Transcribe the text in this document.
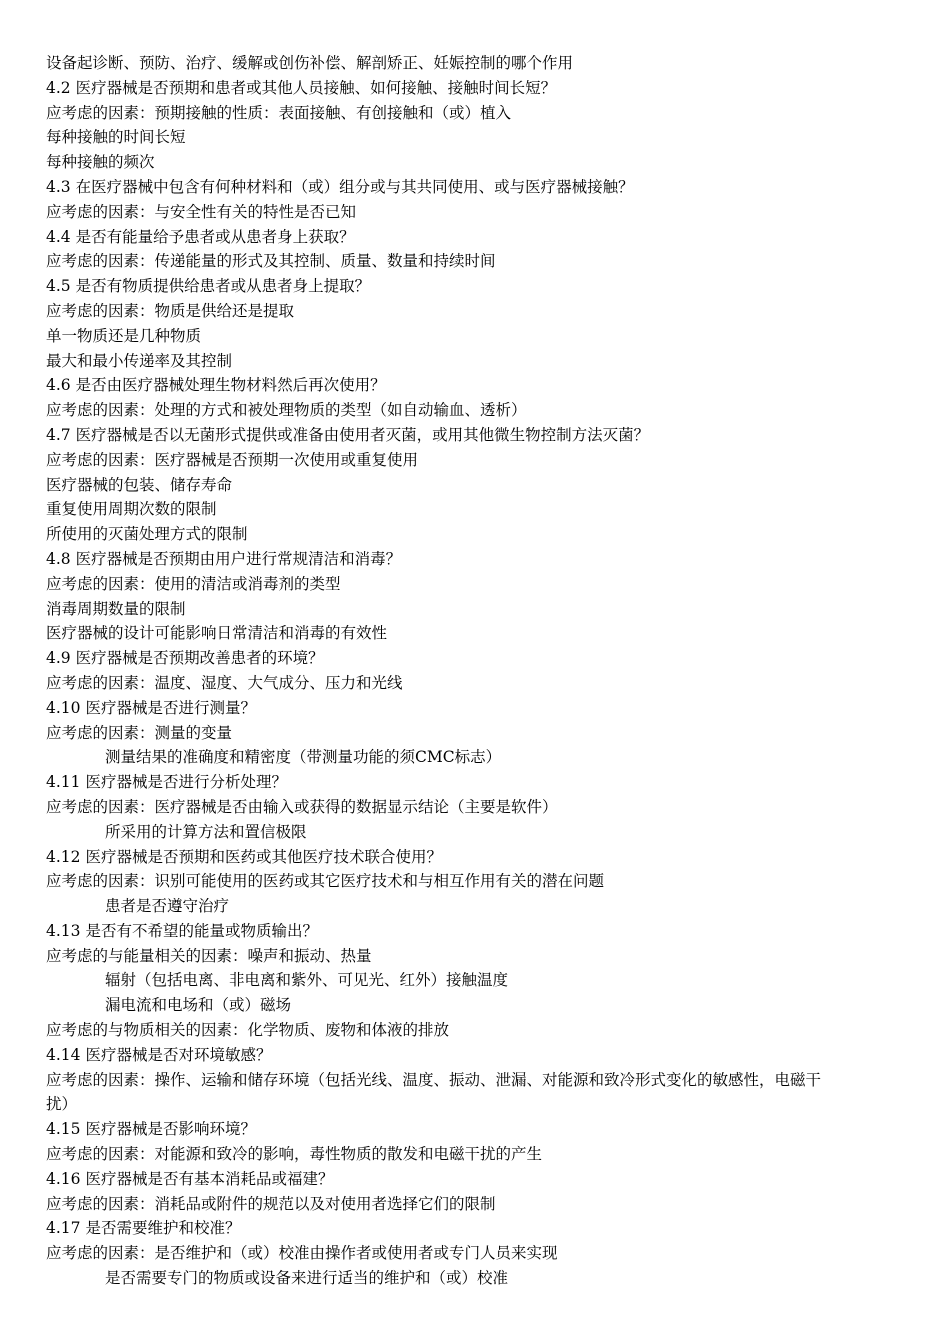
设备起诊断、预防、治疗、缓解或创伤补偿、解剖矫正、妊娠控制的哪个作用
4.2 医疗器械是否预期和患者或其他人员接触、如何接触、接触时间长短？
应考虑的因素：预期接触的性质：表面接触、有创接触和（或）植入
每种接触的时间长短
每种接触的频次
4.3 在医疗器械中包含有何种材料和（或）组分或与其共同使用、或与医疗器械接触？
应考虑的因素：与安全性有关的特性是否已知
4.4 是否有能量给予患者或从患者身上获取？
应考虑的因素：传递能量的形式及其控制、质量、数量和持续时间
4.5 是否有物质提供给患者或从患者身上提取？
应考虑的因素：物质是供给还是提取
单一物质还是几种物质
最大和最小传递率及其控制
4.6 是否由医疗器械处理生物材料然后再次使用？
应考虑的因素：处理的方式和被处理物质的类型（如自动输血、透析）
4.7 医疗器械是否以无菌形式提供或准备由使用者灭菌，或用其他微生物控制方法灭菌？
应考虑的因素：医疗器械是否预期一次使用或重复使用
医疗器械的包装、储存寿命
重复使用周期次数的限制
所使用的灭菌处理方式的限制
4.8 医疗器械是否预期由用户进行常规清洁和消毒？
应考虑的因素：使用的清洁或消毒剂的类型
消毒周期数量的限制
医疗器械的设计可能影响日常清洁和消毒的有效性
4.9 医疗器械是否预期改善患者的环境？
应考虑的因素：温度、湿度、大气成分、压力和光线
4.10 医疗器械是否进行测量？
应考虑的因素：测量的变量
测量结果的准确度和精密度（带测量功能的须CMC标志）
4.11 医疗器械是否进行分析处理？
应考虑的因素：医疗器械是否由输入或获得的数据显示结论（主要是软件）
所采用的计算方法和置信极限
4.12 医疗器械是否预期和医药或其他医疗技术联合使用？
应考虑的因素：识别可能使用的医药或其它医疗技术和与相互作用有关的潜在问题
患者是否遵守治疗
4.13 是否有不希望的能量或物质输出？
应考虑的与能量相关的因素：噪声和振动、热量
辐射（包括电离、非电离和紫外、可见光、红外）接触温度
漏电流和电场和（或）磁场
应考虑的与物质相关的因素：化学物质、废物和体液的排放
4.14 医疗器械是否对环境敏感？
应考虑的因素：操作、运输和储存环境（包括光线、温度、振动、泄漏、对能源和致冷形式变化的敏感性，电磁干
扰）
4.15 医疗器械是否影响环境？
应考虑的因素：对能源和致冷的影响，毒性物质的散发和电磁干扰的产生
4.16 医疗器械是否有基本消耗品或福建？
应考虑的因素：消耗品或附件的规范以及对使用者选择它们的限制
4.17 是否需要维护和校准？
应考虑的因素：是否维护和（或）校准由操作者或使用者或专门人员来实现
是否需要专门的物质或设备来进行适当的维护和（或）校准
